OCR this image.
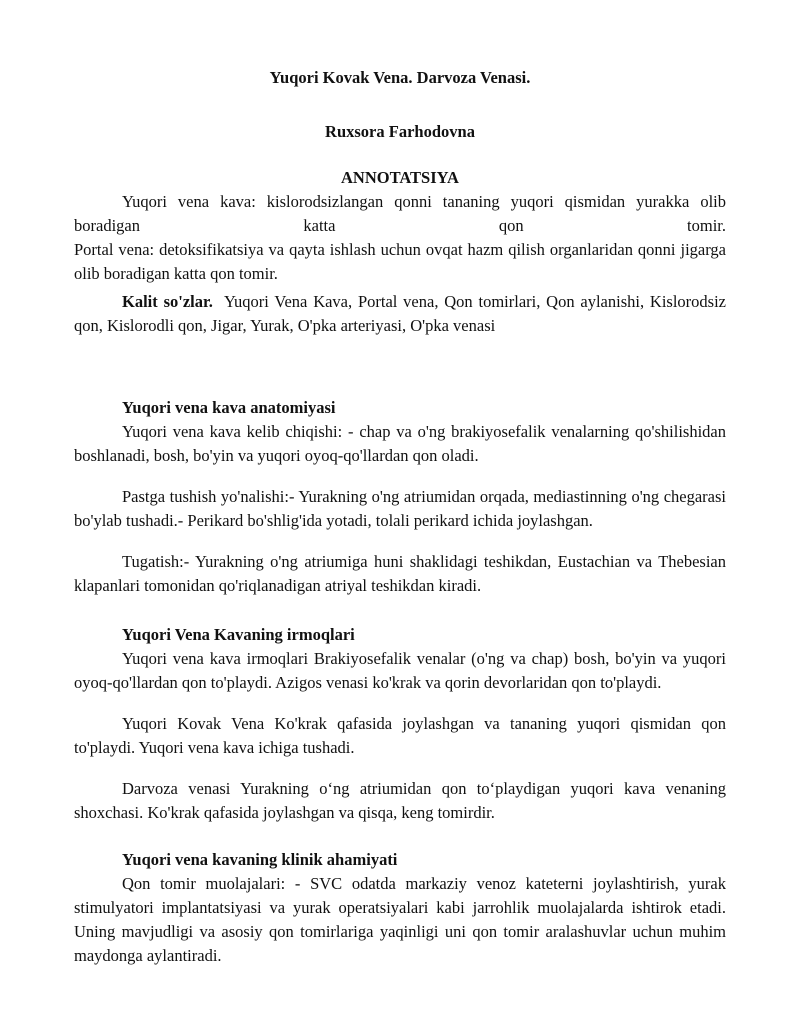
Yuqori Kovak Vena. Darvoza Venasi.

Ruxsora Farhodovna

ANNOTATSIYA

Yuqori vena kava: kislorodsizlangan qonni tananing yuqori qismidan yurakka olib boradigan katta qon tomir.

Portal vena: detoksifikatsiya va qayta ishlash uchun ovqat hazm qilish organlaridan qonni jigarga olib boradigan katta qon tomir.

Kalit so'zlar. Yuqori Vena Kava, Portal vena, Qon tomirlari, Qon aylanishi, Kislorodsiz qon, Kislorodli qon, Jigar, Yurak, O'pka arteriyasi, O'pka venasi

Yuqori vena kava anatomiyasi

Yuqori vena kava kelib chiqishi: - chap va o'ng brakiyosefalik venalarning qo'shilishidan boshlanadi, bosh, bo'yin va yuqori oyoq-qo'llardan qon oladi.

Pastga tushish yo'nalishi:- Yurakning o'ng atriumidan orqada, mediastinning o'ng chegarasi bo'ylab tushadi.- Perikard bo'shlig'ida yotadi, tolali perikard ichida joylashgan.

Tugatish:- Yurakning o'ng atriumiga huni shaklidagi teshikdan, Eustachian va Thebesian klapanlari tomonidan qo'riqlanadigan atriyal teshikdan kiradi.

Yuqori Vena Kavaning irmoqlari

Yuqori vena kava irmoqlari Brakiyosefalik venalar (o'ng va chap) bosh, bo'yin va yuqori oyoq-qo'llardan qon to'playdi. Azigos venasi ko'krak va qorin devorlaridan qon to'playdi.

Yuqori Kovak Vena Ko'krak qafasida joylashgan va tananing yuqori qismidan qon to'playdi. Yuqori vena kava ichiga tushadi.

Darvoza venasi Yurakning o‘ng atriumidan qon to‘playdigan yuqori kava venaning shoxchasi. Ko'krak qafasida joylashgan va qisqa, keng tomirdir.

Yuqori vena kavaning klinik ahamiyati

Qon tomir muolajalari: - SVC odatda markaziy venoz kateterni joylashtirish, yurak stimulyatori implantatsiyasi va yurak operatsiyalari kabi jarrohlik muolajalarda ishtirok etadi. Uning mavjudligi va asosiy qon tomirlariga yaqinligi uni qon tomir aralashuvlar uchun muhim maydonga aylantiradi.
